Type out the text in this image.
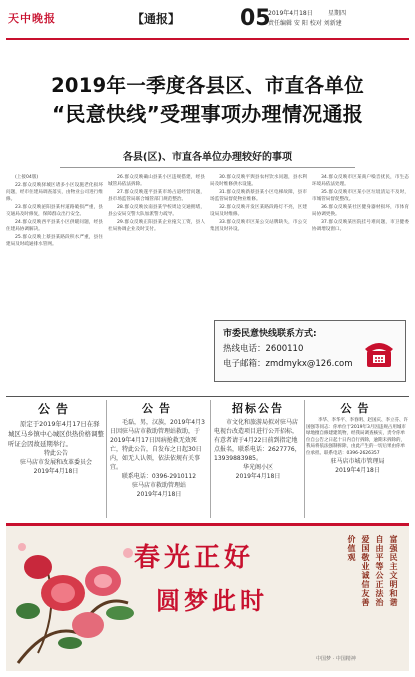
天中晚报	【通报】	05
2019年4月18日	星期四
责任编辑 安 阳 校对 刘新建
2019年一季度各县区、市直各单位
“民意快线”受理事项办理情况通报
各县(区)、市直各单位办理较好的事项

(上接04版)

22.群众反映驿城区诸多小区设施老化损坏问题，经市住建局调查落实，由物业公司进行维修。

23.群众反映泌阳县某村道路破损严重，县交通局及时修复，保障群众出行安全。

24.群众反映西平县某小区供暖问题，经县住建局协调解决。

25.群众反映上蔡县某路段积水严重，县住建局及时疏通排水管网。

26.群众反映确山县某小区违规搭建，经县城管局依法拆除。

27.群众反映遂平县某市场占道经营问题，县市场监管局联合城管部门规范整治。

28.群众反映汝南县某学校周边交通拥堵，县公安局交警大队加派警力疏导。

29.群众反映正阳县某企业拖欠工资，县人社局协调企业及时支付。

30.群众反映平舆县农村饮水问题，县水利局及时维修供水设施。

31.群众反映新蔡县某小区电梯故障，县市场监管局督促物业维修。

32.群众反映开发区某路段路灯不亮，区建设局及时维修。

33.群众反映市区某公交站牌缺失，市公交集团及时补设。

34.群众反映市区某商户噪音扰民，市生态环境局依法处理。

35.群众反映市区某小区垃圾清运不及时，市城管局督促整改。

36.群众反映某社区健身器材损坏，市体育局协调更换。

37.群众反映某医院挂号难问题，市卫健委协调增设窗口。

市委民意快线联系方式:
热线电话：2600110
电子邮箱：zmdmykx@126.com
公告
原定于2019年4月17日在驿城区马乡镇中心城区供热价格调整听证会因故延期举行。
特此公告
驻马店市发展和改革委员会
2019年4月18日
公告
毛磊，男，汉族，2019年4月3日因驻马店市救助管理站救助，于2019年4月17日因病抢救无效死亡，特此公告，自发布之日起30日内，如无人认领，依法依规有关事宜。
联系电话：0396-2910112
驻马店市救助管理站
2019年4月18日
招标公告
市文化和旅游局拟对驻马店电视台改造项目进行公开招标，有意者请于4月22日前到指定地点报名，联系电话：2627776，13939883985。
华光阁小区
2019年4月18日
公告
李华、李华平、李春明、赵国庆、李立芬、许国强等同志：你单位于2019年3月因违规占用城市绿地擅自修建建筑物，经我局调查核实，责令你单位自公告之日起十日内自行拆除，逾期未拆除的，我局将依法强制拆除，由此产生的一切后果由你单位承担。联系电话：0396-2626357
驻马店市城市管理局
2019年4月18日
春光正好
圆梦此时	富强民主文明和谐
自由平等公正法治
爱国敬业诚信友善
价值观
中国梦 · 中国精神
